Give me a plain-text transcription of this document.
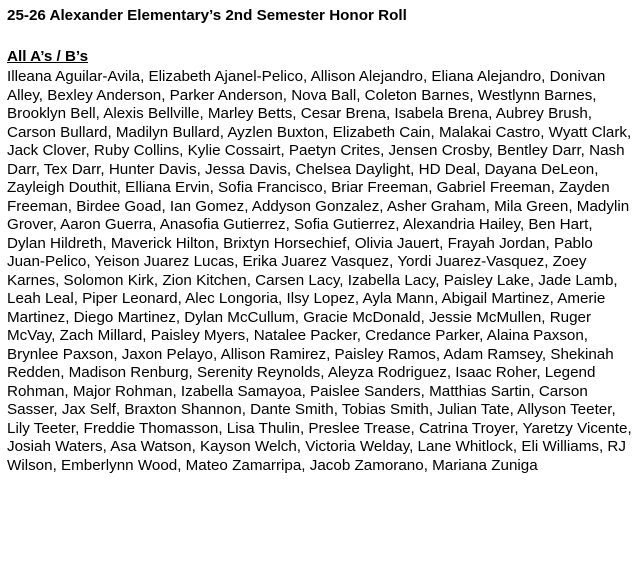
25-26 Alexander Elementary’s 2nd Semester Honor Roll
All A’s / B’s

Illeana Aguilar-Avila, Elizabeth Ajanel-Pelico, Allison Alejandro, Eliana Alejandro, Donivan Alley, Bexley Anderson, Parker Anderson, Nova Ball, Coleton Barnes, Westlynn Barnes, Brooklyn Bell, Alexis Bellville, Marley Betts, Cesar Brena, Isabela Brena, Aubrey Brush, Carson Bullard, Madilyn Bullard, Ayzlen Buxton, Elizabeth Cain, Malakai Castro, Wyatt Clark, Jack Clover, Ruby Collins, Kylie Cossairt, Paetyn Crites, Jensen Crosby, Bentley Darr, Nash Darr, Tex Darr, Hunter Davis, Jessa Davis, Chelsea Daylight, HD Deal, Dayana DeLeon, Zayleigh Douthit, Elliana Ervin, Sofia Francisco, Briar Freeman, Gabriel Freeman, Zayden Freeman, Birdee Goad, Ian Gomez, Addyson Gonzalez, Asher Graham, Mila Green, Madylin Grover, Aaron Guerra, Anasofia Gutierrez, Sofia Gutierrez, Alexandria Hailey, Ben Hart, Dylan Hildreth, Maverick Hilton, Brixtyn Horsechief, Olivia Jauert, Frayah Jordan, Pablo Juan-Pelico, Yeison Juarez Lucas, Erika Juarez Vasquez, Yordi Juarez-Vasquez, Zoey Karnes, Solomon Kirk, Zion Kitchen, Carsen Lacy, Izabella Lacy, Paisley Lake, Jade Lamb, Leah Leal, Piper Leonard, Alec Longoria, Ilsy Lopez, Ayla Mann, Abigail Martinez, Amerie Martinez, Diego Martinez, Dylan McCullum, Gracie McDonald, Jessie McMullen, Ruger McVay, Zach Millard, Paisley Myers, Natalee Packer, Credance Parker, Alaina Paxson, Brynlee Paxson, Jaxon Pelayo, Allison Ramirez, Paisley Ramos, Adam Ramsey, Shekinah Redden, Madison Renburg, Serenity Reynolds, Aleyza Rodriguez, Isaac Roher, Legend Rohman, Major Rohman, Izabella Samayoa, Paislee Sanders, Matthias Sartin, Carson Sasser, Jax Self, Braxton Shannon, Dante Smith, Tobias Smith, Julian Tate, Allyson Teeter, Lily Teeter, Freddie Thomasson, Lisa Thulin, Preslee Trease, Catrina Troyer, Yaretzy Vicente, Josiah Waters, Asa Watson, Kayson Welch, Victoria Welday, Lane Whitlock, Eli Williams, RJ Wilson, Emberlynn Wood, Mateo Zamarripa, Jacob Zamorano, Mariana Zuniga
